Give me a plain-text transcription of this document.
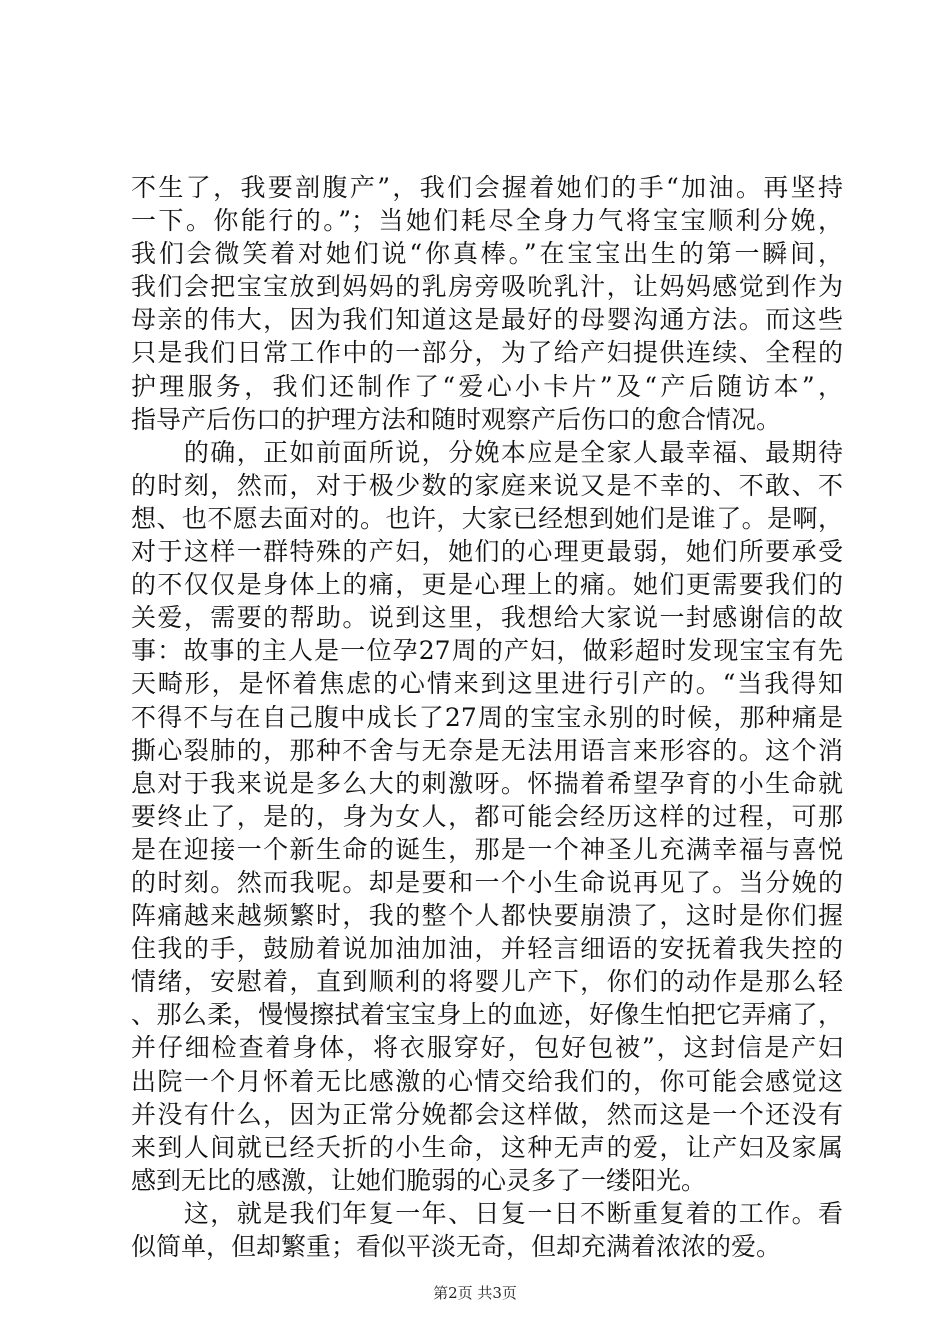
不生了，我要剖腹产”，我们会握着她们的手“加油。再坚持
一下。你能行的。”；当她们耗尽全身力气将宝宝顺利分娩，
我们会微笑着对她们说“你真棒。”在宝宝出生的第一瞬间，
我们会把宝宝放到妈妈的乳房旁吸吮乳汁，让妈妈感觉到作为
母亲的伟大，因为我们知道这是最好的母婴沟通方法。而这些
只是我们日常工作中的一部分，为了给产妇提供连续、全程的
护理服务，我们还制作了“爱心小卡片”及“产后随访本”，
指导产后伤口的护理方法和随时观察产后伤口的愈合情况。
　　的确，正如前面所说，分娩本应是全家人最幸福、最期待
的时刻，然而，对于极少数的家庭来说又是不幸的、不敢、不
想、也不愿去面对的。也许，大家已经想到她们是谁了。是啊，
对于这样一群特殊的产妇，她们的心理更最弱，她们所要承受
的不仅仅是身体上的痛，更是心理上的痛。她们更需要我们的
关爱，需要的帮助。说到这里，我想给大家说一封感谢信的故
事：故事的主人是一位孕27周的产妇，做彩超时发现宝宝有先
天畸形，是怀着焦虑的心情来到这里进行引产的。“当我得知
不得不与在自己腹中成长了27周的宝宝永别的时候，那种痛是
撕心裂肺的，那种不舍与无奈是无法用语言来形容的。这个消
息对于我来说是多么大的刺激呀。怀揣着希望孕育的小生命就
要终止了，是的，身为女人，都可能会经历这样的过程，可那
是在迎接一个新生命的诞生，那是一个神圣儿充满幸福与喜悦
的时刻。然而我呢。却是要和一个小生命说再见了。当分娩的
阵痛越来越频繁时，我的整个人都快要崩溃了，这时是你们握
住我的手，鼓励着说加油加油，并轻言细语的安抚着我失控的
情绪，安慰着，直到顺利的将婴儿产下，你们的动作是那么轻
、那么柔，慢慢擦拭着宝宝身上的血迹，好像生怕把它弄痛了，
并仔细检查着身体，将衣服穿好，包好包被”，这封信是产妇
出院一个月怀着无比感激的心情交给我们的，你可能会感觉这
并没有什么，因为正常分娩都会这样做，然而这是一个还没有
来到人间就已经夭折的小生命，这种无声的爱，让产妇及家属
感到无比的感激，让她们脆弱的心灵多了一缕阳光。
　　这，就是我们年复一年、日复一日不断重复着的工作。看
似简单，但却繁重；看似平淡无奇，但却充满着浓浓的爱。
第2页 共3页
